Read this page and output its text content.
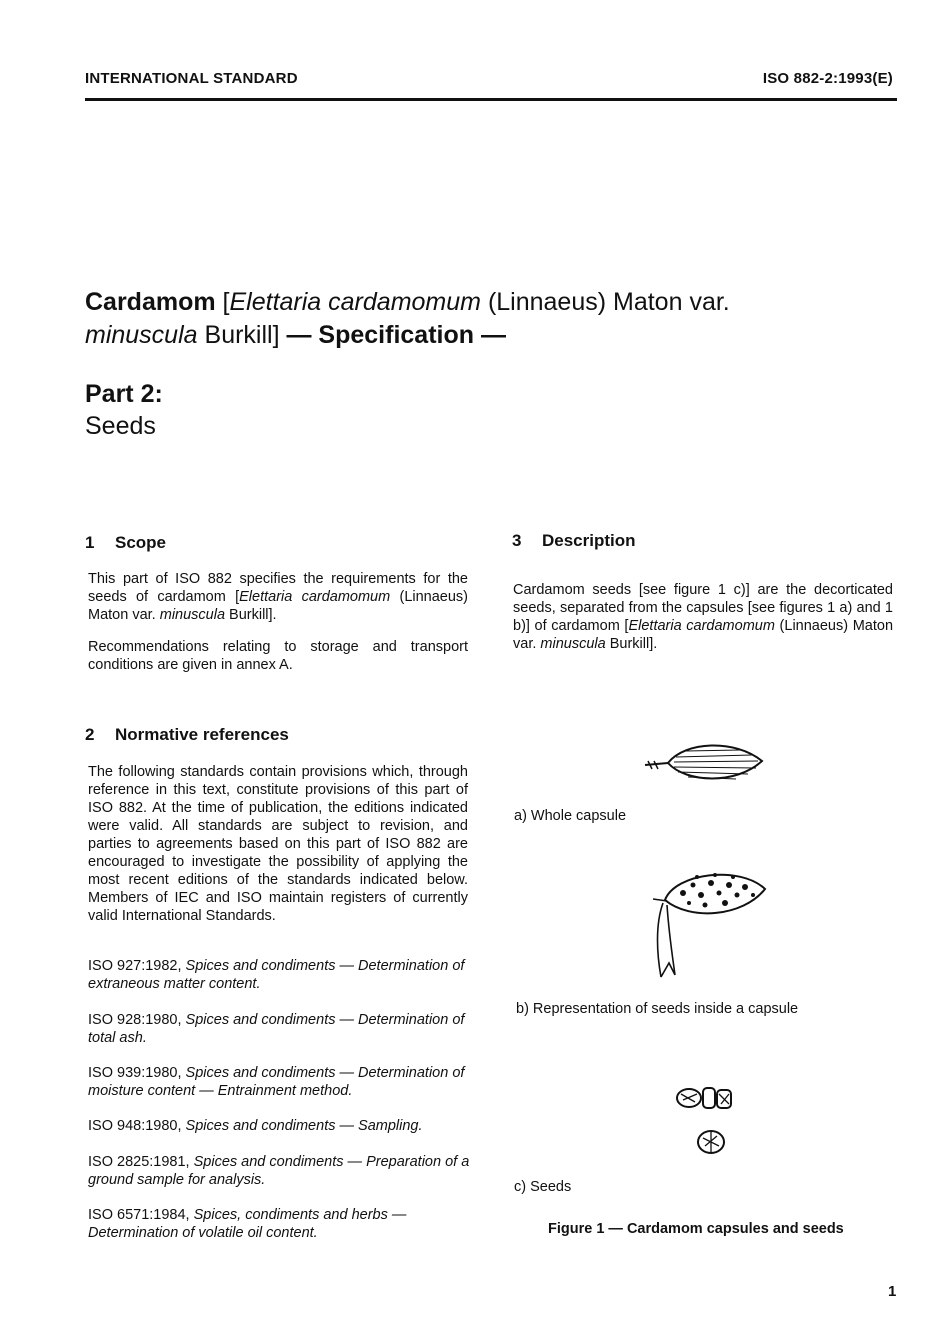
INTERNATIONAL STANDARD	ISO 882-2:1993(E)
Cardamom [Elettaria cardamomum (Linnaeus) Maton var.
minuscula Burkill] — Specification —
Part 2:
Seeds
1 Scope
This part of ISO 882 specifies the requirements for the seeds of cardamom [Elettaria cardamomum (Linnaeus) Maton var. minuscula Burkill].
Recommendations relating to storage and transport conditions are given in annex A.
2 Normative references
The following standards contain provisions which, through reference in this text, constitute provisions of this part of ISO 882. At the time of publication, the editions indicated were valid. All standards are subject to revision, and parties to agreements based on this part of ISO 882 are encouraged to investigate the possibility of applying the most recent editions of the standards indicated below. Members of IEC and ISO maintain registers of currently valid International Standards.
ISO 927:1982, Spices and condiments — Determination of extraneous matter content.
ISO 928:1980, Spices and condiments — Determination of total ash.
ISO 939:1980, Spices and condiments — Determination of moisture content — Entrainment method.
ISO 948:1980, Spices and condiments — Sampling.
ISO 2825:1981, Spices and condiments — Preparation of a ground sample for analysis.
ISO 6571:1984, Spices, condiments and herbs — Determination of volatile oil content.
3 Description
Cardamom seeds [see figure 1 c)] are the decorticated seeds, separated from the capsules [see figures 1 a) and 1 b)] of cardamom [Elettaria cardamomum (Linnaeus) Maton var. minuscula Burkill].
a) Whole capsule
b) Representation of seeds inside a capsule
c) Seeds
Figure 1 — Cardamom capsules and seeds
1
